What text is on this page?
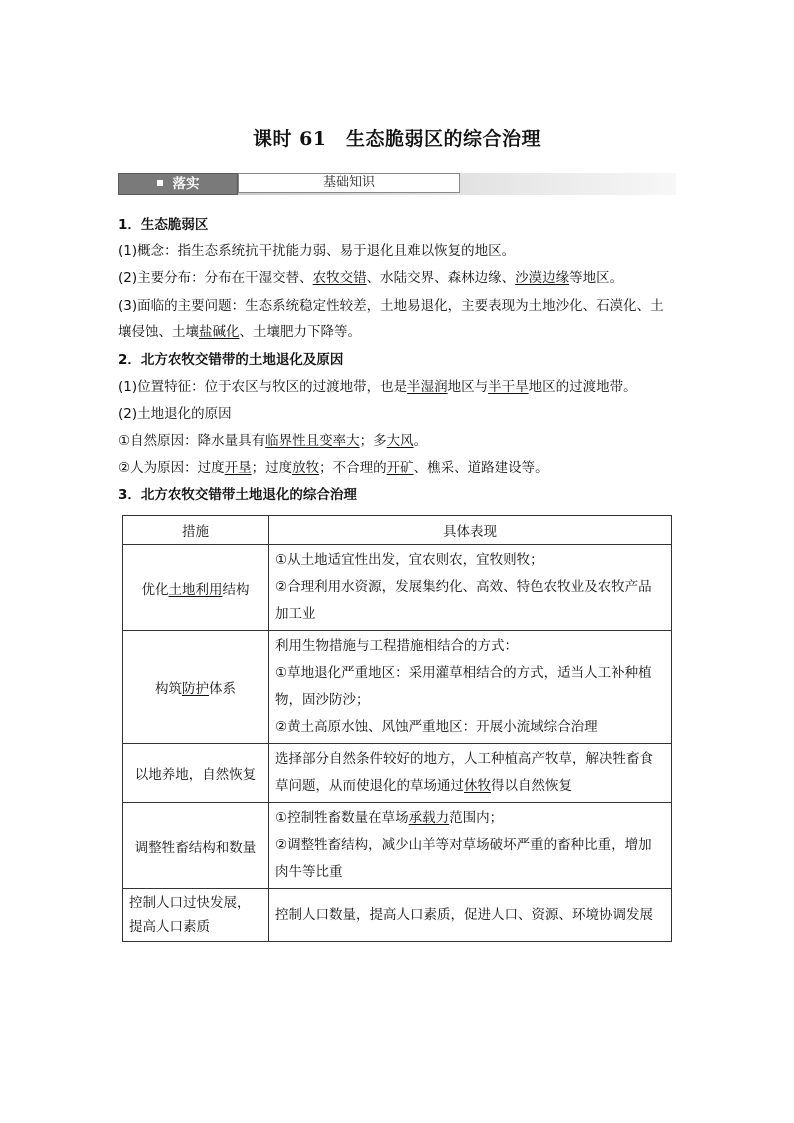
课时 61　生态脆弱区的综合治理
落实	基础知识
1．生态脆弱区
(1)概念：指生态系统抗干扰能力弱、易于退化且难以恢复的地区。
(2)主要分布：分布在干湿交替、农牧交错、水陆交界、森林边缘、沙漠边缘等地区。
(3)面临的主要问题：生态系统稳定性较差，土地易退化，主要表现为土地沙化、石漠化、土
壤侵蚀、土壤盐碱化、土壤肥力下降等。
2．北方农牧交错带的土地退化及原因
(1)位置特征：位于农区与牧区的过渡地带，也是半湿润地区与半干旱地区的过渡地带。
(2)土地退化的原因
①自然原因：降水量具有临界性且变率大；多大风。
②人为原因：过度开垦；过度放牧；不合理的开矿、樵采、道路建设等。
3．北方农牧交错带土地退化的综合治理
措施	具体表现
优化土地利用结构	①从土地适宜性出发，宜农则农，宜牧则牧；
②合理利用水资源，发展集约化、高效、特色农牧业及农牧产品
加工业

构筑防护体系	利用生物措施与工程措施相结合的方式：
①草地退化严重地区：采用灌草相结合的方式，适当人工补种植
物，固沙防沙；
②黄土高原水蚀、风蚀严重地区：开展小流域综合治理

以地养地，自然恢复	选择部分自然条件较好的地方，人工种植高产牧草，解决牲畜食
草问题，从而使退化的草场通过休牧得以自然恢复

调整牲畜结构和数量	①控制牲畜数量在草场承载力范围内；
②调整牲畜结构，减少山羊等对草场破坏严重的畜种比重，增加
肉牛等比重

控制人口过快发展，
提高人口素质	控制人口数量，提高人口素质，促进人口、资源、环境协调发展
